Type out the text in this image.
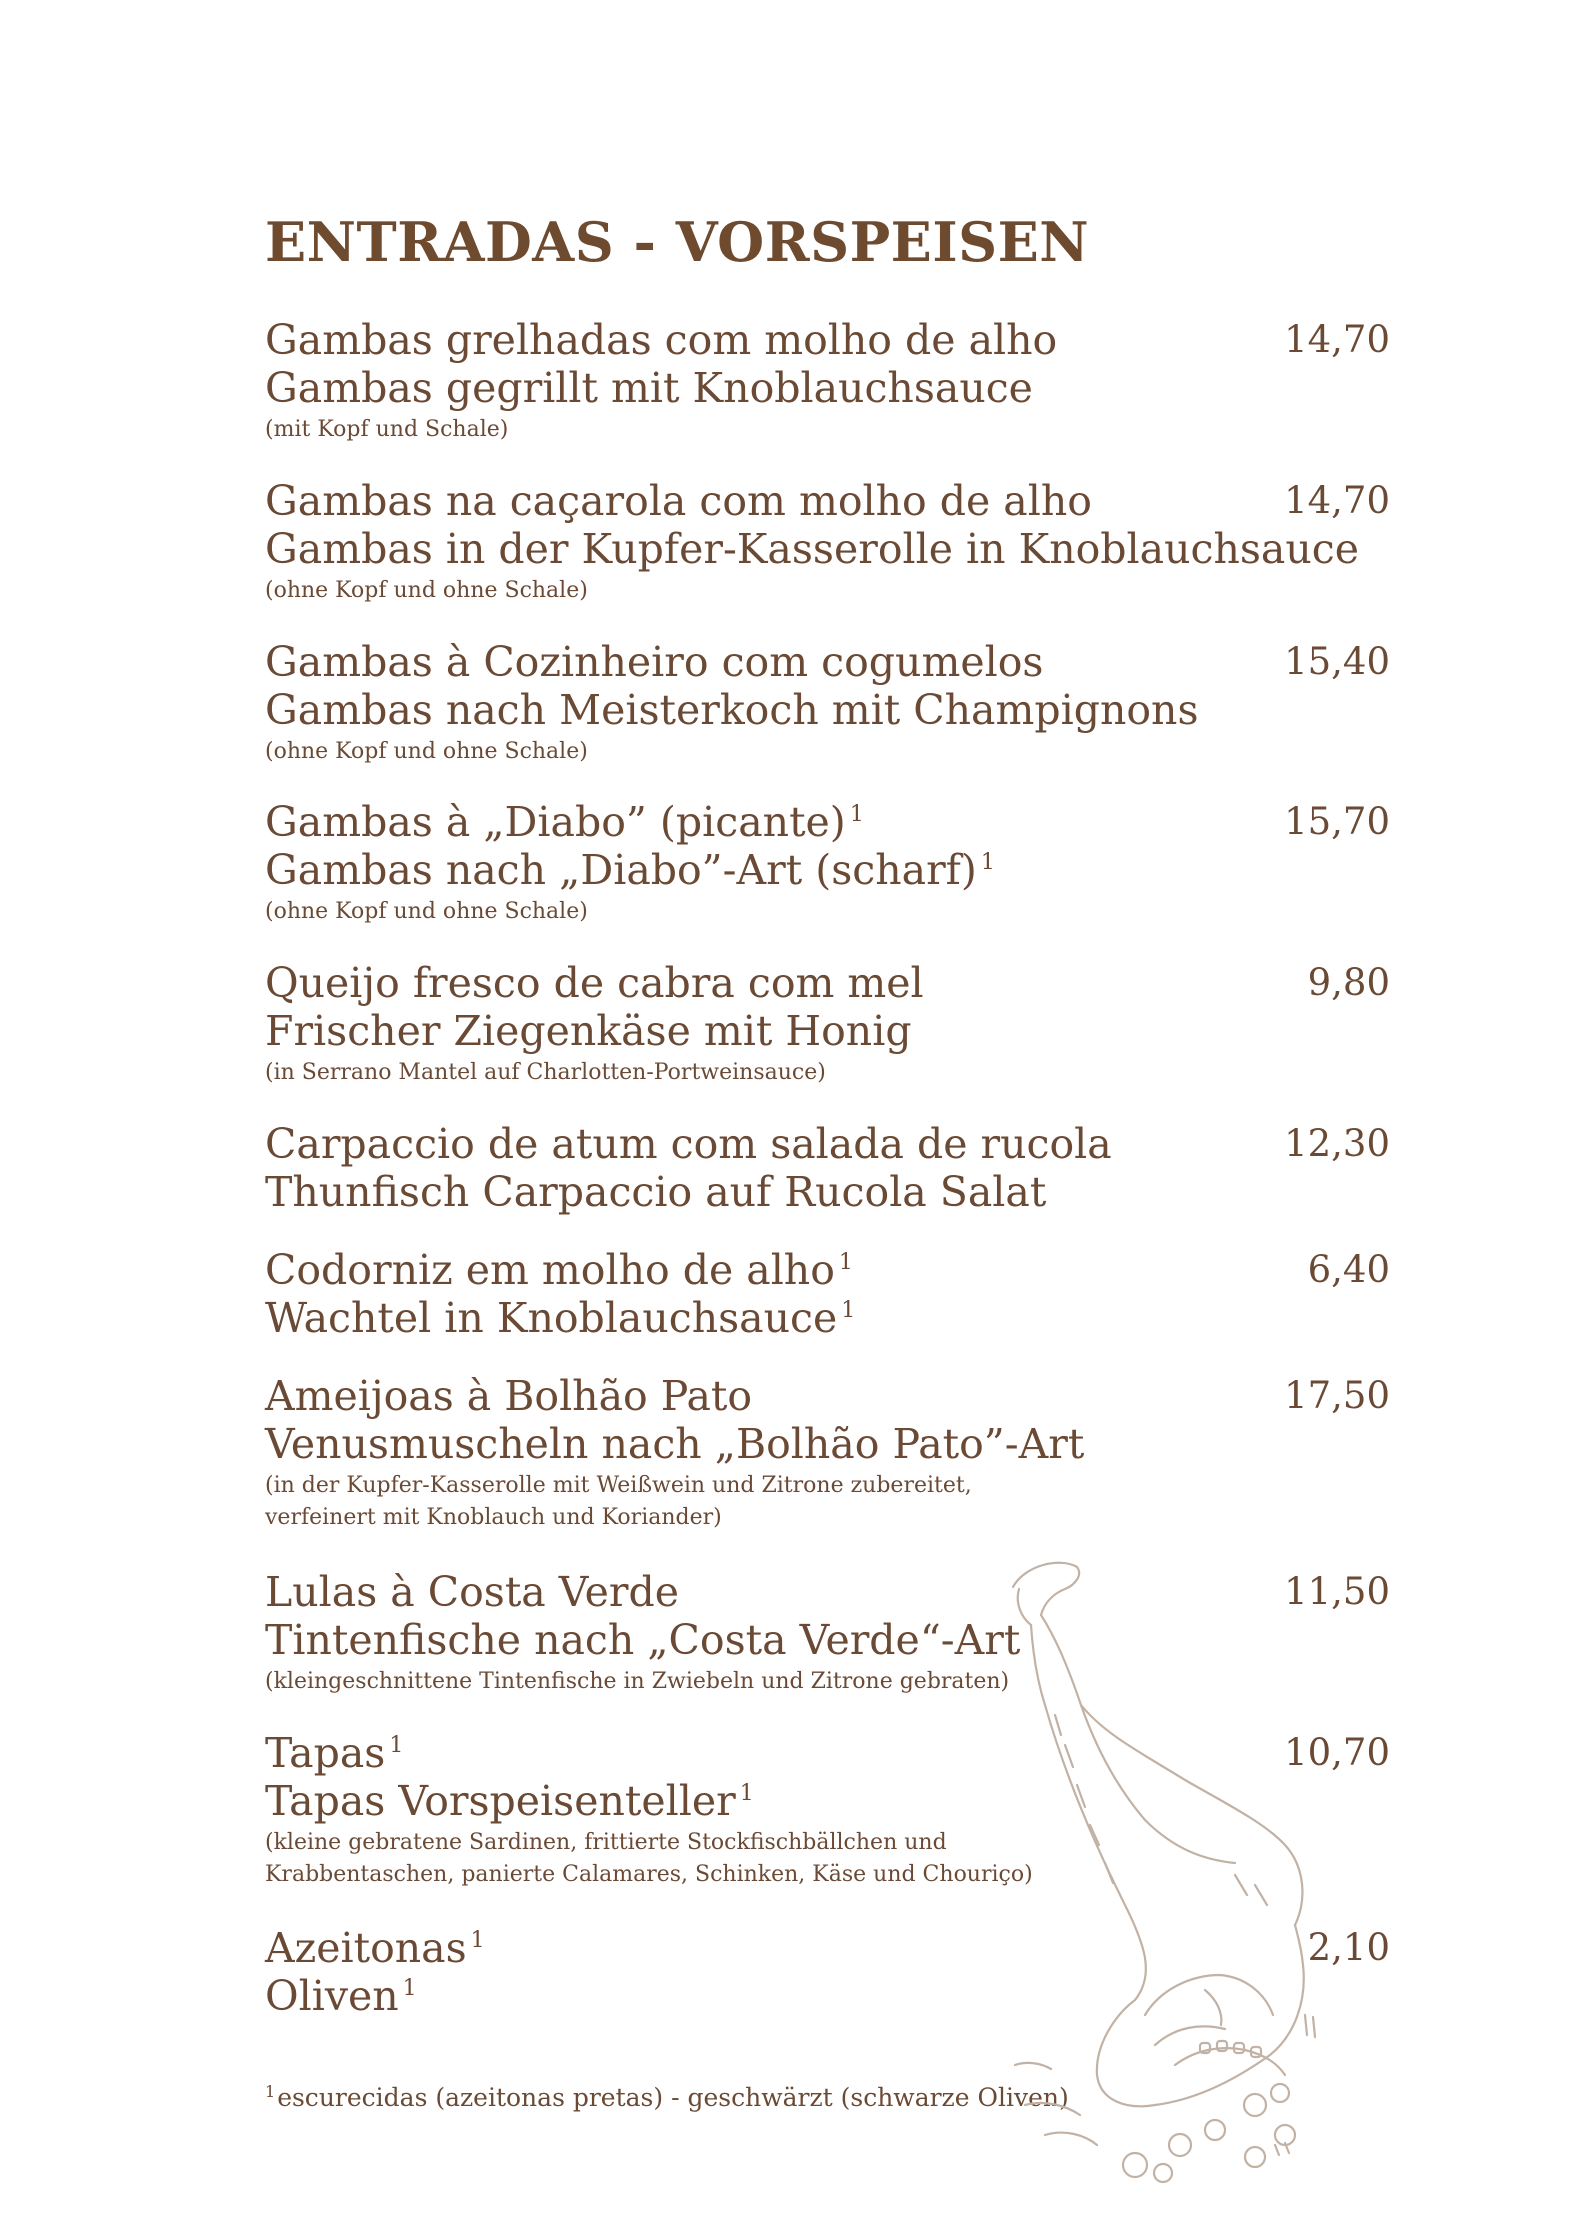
ENTRADAS - VORSPEISEN
Gambas grelhadas com molho de alho
Gambas gegrillt mit Knoblauchsauce
(mit Kopf und Schale)
14,70
Gambas na caçarola com molho de alho
Gambas in der Kupfer-Kasserolle in Knoblauchsauce
(ohne Kopf und ohne Schale)
14,70
Gambas à Cozinheiro com cogumelos
Gambas nach Meisterkoch mit Champignons
(ohne Kopf und ohne Schale)
15,40
Gambas à „Diabo” (picante) $^1$
Gambas nach „Diabo”-Art (scharf) $^1$
(ohne Kopf und ohne Schale)
15,70
Queijo fresco de cabra com mel
Frischer Ziegenkäse mit Honig
(in Serrano Mantel auf Charlotten-Portweinsauce)
9,80
Carpaccio de atum com salada de rucola
Thunfisch Carpaccio auf Rucola Salat
12,30
Codorniz em molho de alho $^1$
Wachtel in Knoblauchsauce $^1$
6,40
Ameijoas à Bolhão Pato
Venusmuscheln nach „Bolhão Pato”-Art
(in der Kupfer-Kasserolle mit Weißwein und Zitrone zubereitet,
verfeinert mit Knoblauch und Koriander)
17,50
Lulas à Costa Verde
Tintenfische nach „Costa Verde“-Art
(kleingeschnittene Tintenfische in Zwiebeln und Zitrone gebraten)
11,50
Tapas $^1$
Tapas Vorspeisenteller $^1$
(kleine gebratene Sardinen, frittierte Stockfischbällchen und
Krabbentaschen, panierte Calamares, Schinken, Käse und Chouriço)
10,70
Azeitonas $^1$
Oliven $^1$
2,10
$^1$escurecidas (azeitonas pretas) - geschwärzt (schwarze Oliven)
